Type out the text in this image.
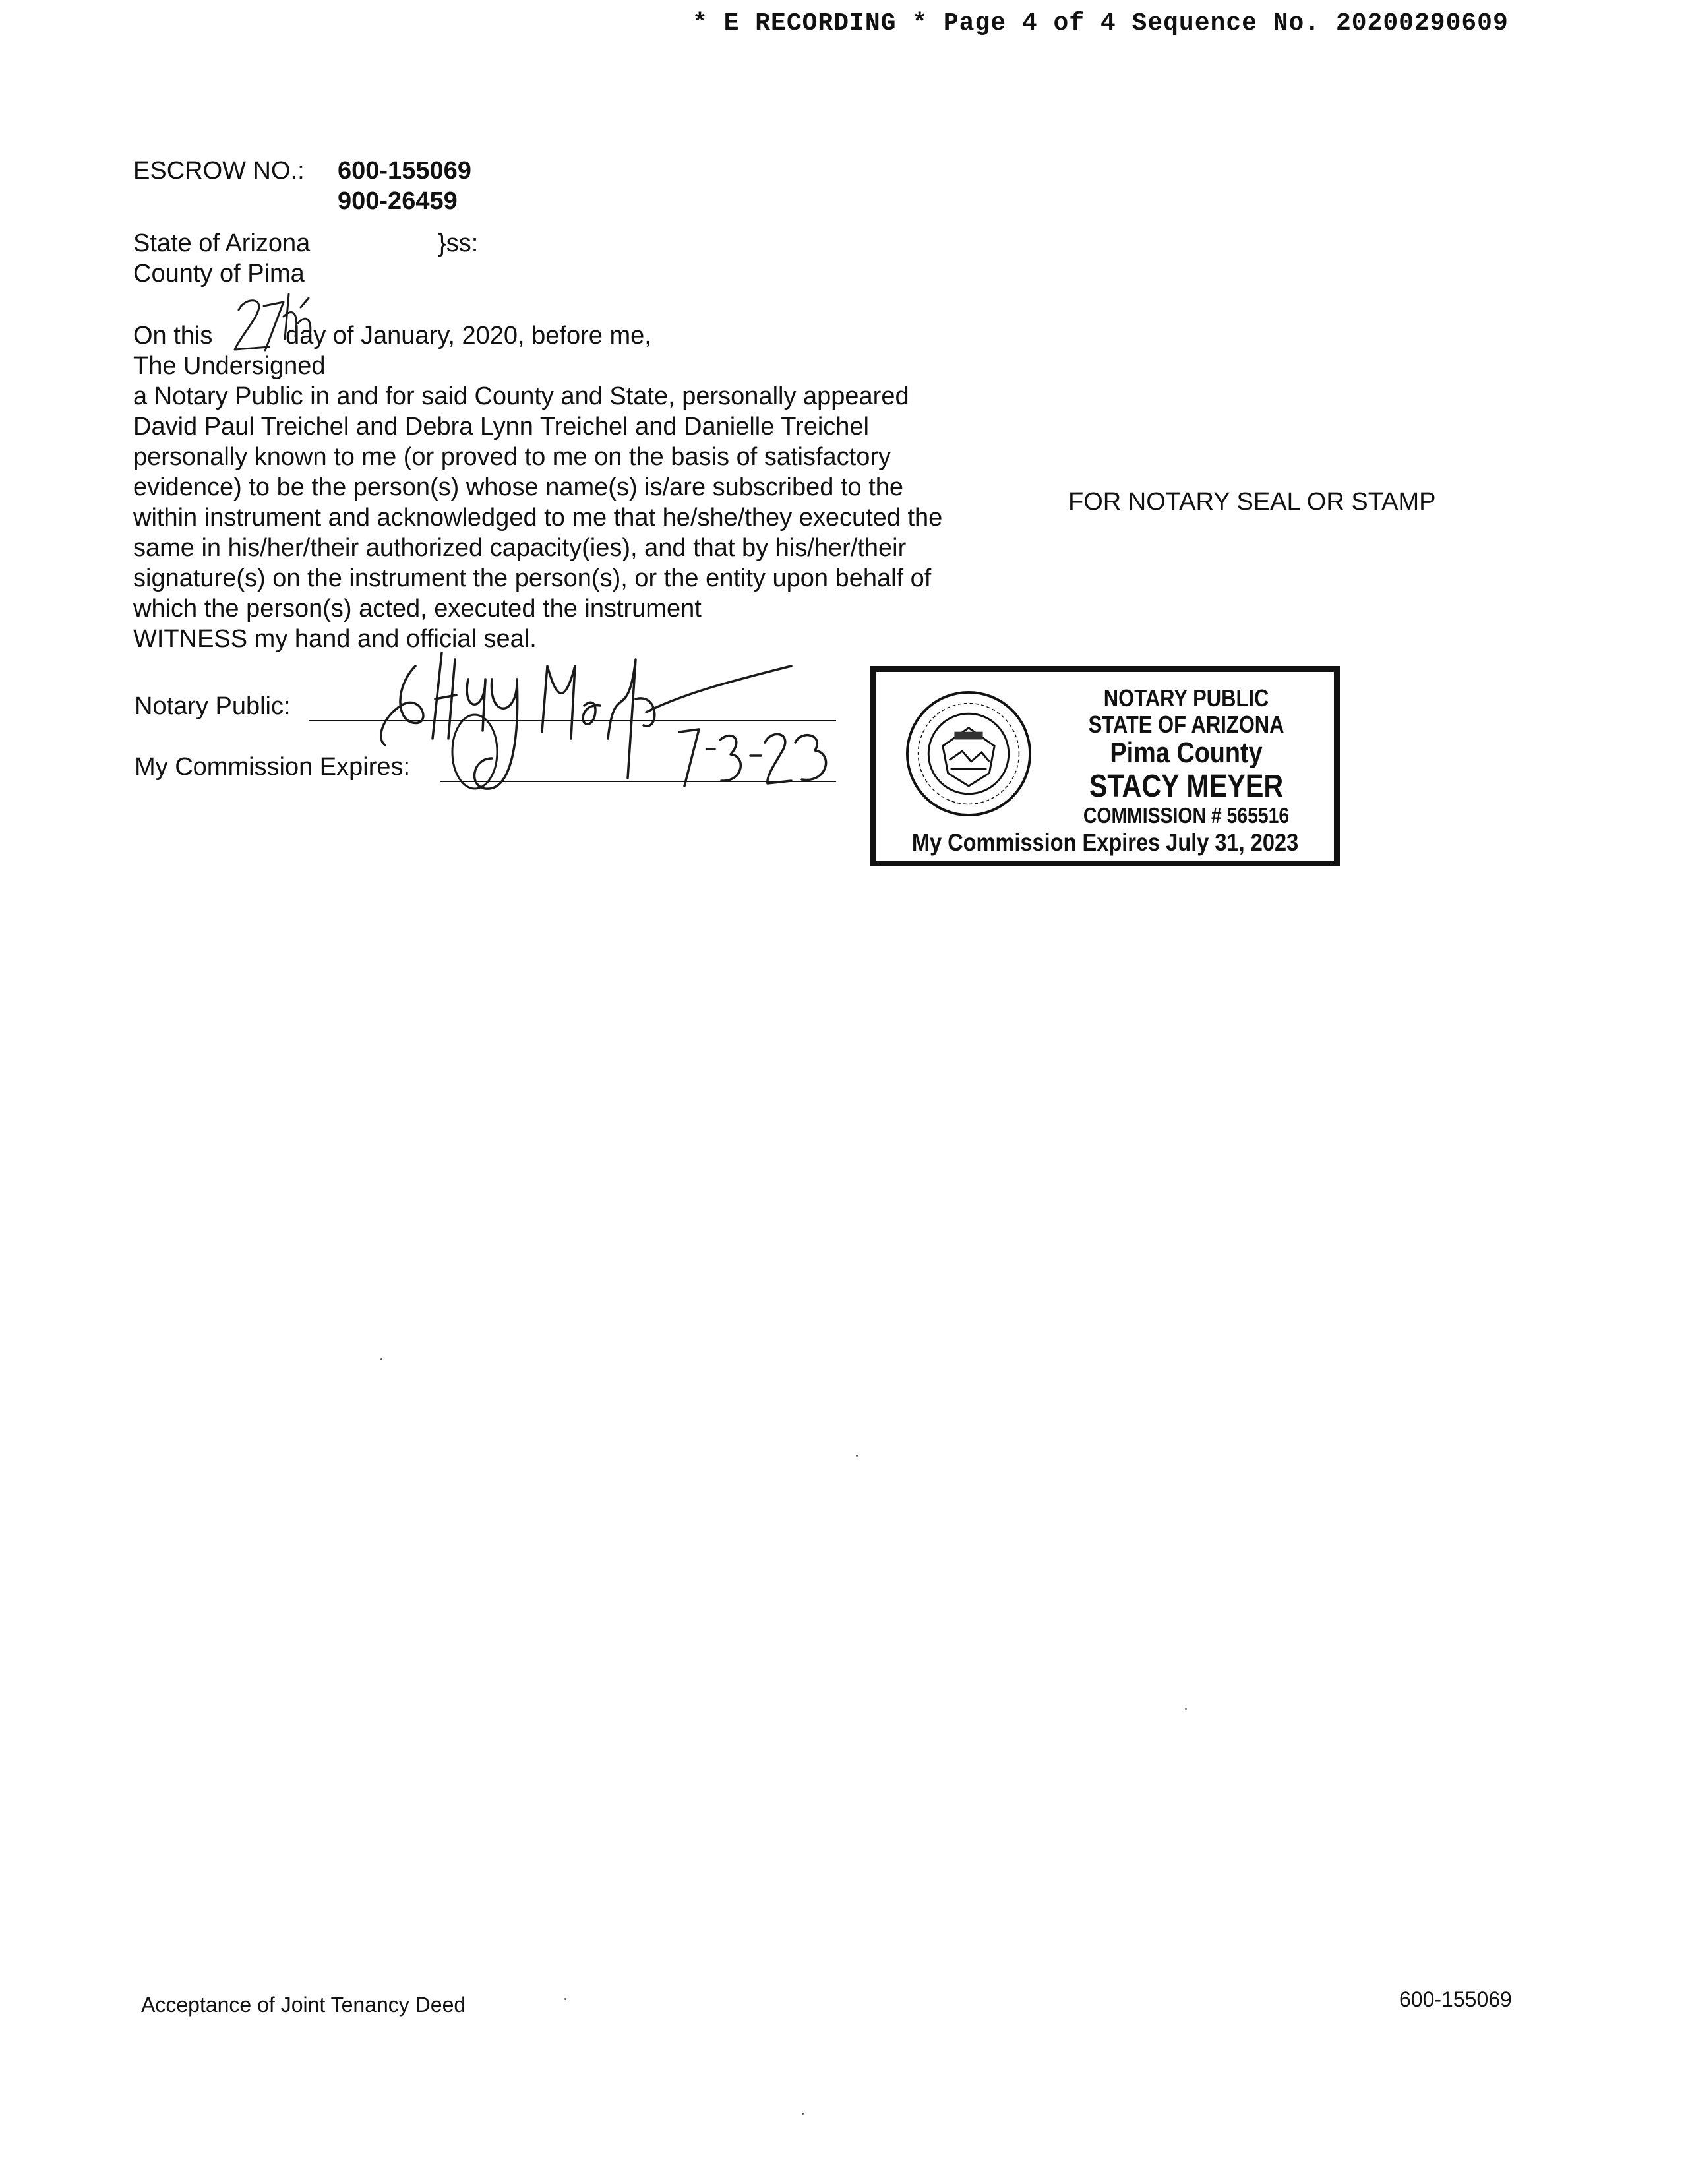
* E RECORDING * Page 4 of 4 Sequence No. 20200290609
ESCROW NO.: 600-155069
900-26459
State of Arizona	}ss:
County of Pima
On this	day of January, 2020, before me,
The Undersigned
a Notary Public in and for said County and State, personally appeared
David Paul Treichel and Debra Lynn Treichel and Danielle Treichel
personally known to me (or proved to me on the basis of satisfactory
evidence) to be the person(s) whose name(s) is/are subscribed to the
within instrument and acknowledged to me that he/she/they executed the
same in his/her/their authorized capacity(ies), and that by his/her/their
signature(s) on the instrument the person(s), or the entity upon behalf of
which the person(s) acted, executed the instrument
WITNESS my hand and official seal.
FOR NOTARY SEAL OR STAMP
Notary Public:
My Commission Expires:
NOTARY PUBLIC
STATE OF ARIZONA
Pima County
STACY MEYER
COMMISSION # 565516
My Commission Expires July 31, 2023
Acceptance of Joint Tenancy Deed	600-155069
